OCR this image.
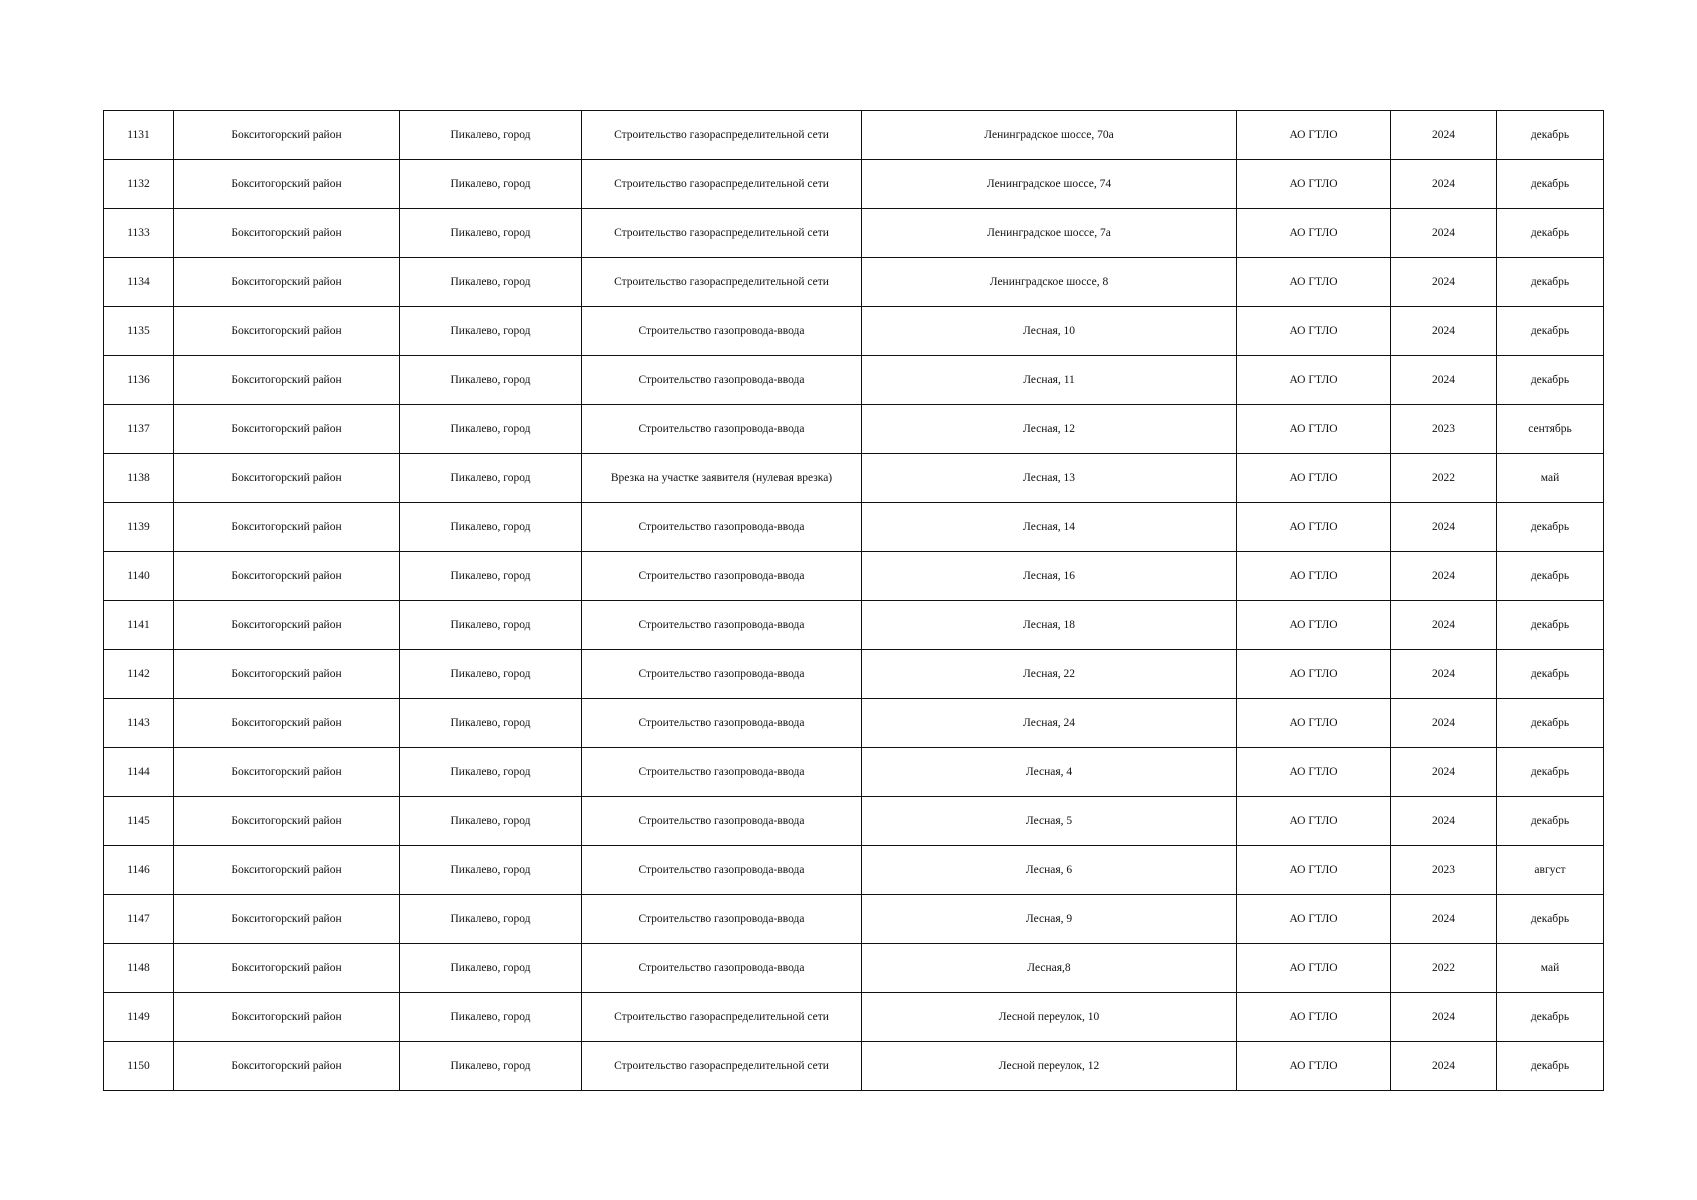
1131	Бокситогорский район	Пикалево, город	Строительство газораспределительной сети	Ленинградское шоссе, 70а	АО ГТЛО	2024	декабрь
1132	Бокситогорский район	Пикалево, город	Строительство газораспределительной сети	Ленинградское шоссе, 74	АО ГТЛО	2024	декабрь
1133	Бокситогорский район	Пикалево, город	Строительство газораспределительной сети	Ленинградское шоссе, 7а	АО ГТЛО	2024	декабрь
1134	Бокситогорский район	Пикалево, город	Строительство газораспределительной сети	Ленинградское шоссе, 8	АО ГТЛО	2024	декабрь
1135	Бокситогорский район	Пикалево, город	Строительство газопровода-ввода	Лесная, 10	АО ГТЛО	2024	декабрь
1136	Бокситогорский район	Пикалево, город	Строительство газопровода-ввода	Лесная, 11	АО ГТЛО	2024	декабрь
1137	Бокситогорский район	Пикалево, город	Строительство газопровода-ввода	Лесная, 12	АО ГТЛО	2023	сентябрь
1138	Бокситогорский район	Пикалево, город	Врезка на участке заявителя (нулевая врезка)	Лесная, 13	АО ГТЛО	2022	май
1139	Бокситогорский район	Пикалево, город	Строительство газопровода-ввода	Лесная, 14	АО ГТЛО	2024	декабрь
1140	Бокситогорский район	Пикалево, город	Строительство газопровода-ввода	Лесная, 16	АО ГТЛО	2024	декабрь
1141	Бокситогорский район	Пикалево, город	Строительство газопровода-ввода	Лесная, 18	АО ГТЛО	2024	декабрь
1142	Бокситогорский район	Пикалево, город	Строительство газопровода-ввода	Лесная, 22	АО ГТЛО	2024	декабрь
1143	Бокситогорский район	Пикалево, город	Строительство газопровода-ввода	Лесная, 24	АО ГТЛО	2024	декабрь
1144	Бокситогорский район	Пикалево, город	Строительство газопровода-ввода	Лесная, 4	АО ГТЛО	2024	декабрь
1145	Бокситогорский район	Пикалево, город	Строительство газопровода-ввода	Лесная, 5	АО ГТЛО	2024	декабрь
1146	Бокситогорский район	Пикалево, город	Строительство газопровода-ввода	Лесная, 6	АО ГТЛО	2023	август
1147	Бокситогорский район	Пикалево, город	Строительство газопровода-ввода	Лесная, 9	АО ГТЛО	2024	декабрь
1148	Бокситогорский район	Пикалево, город	Строительство газопровода-ввода	Лесная,8	АО ГТЛО	2022	май
1149	Бокситогорский район	Пикалево, город	Строительство газораспределительной сети	Лесной переулок, 10	АО ГТЛО	2024	декабрь
1150	Бокситогорский район	Пикалево, город	Строительство газораспределительной сети	Лесной переулок, 12	АО ГТЛО	2024	декабрь
